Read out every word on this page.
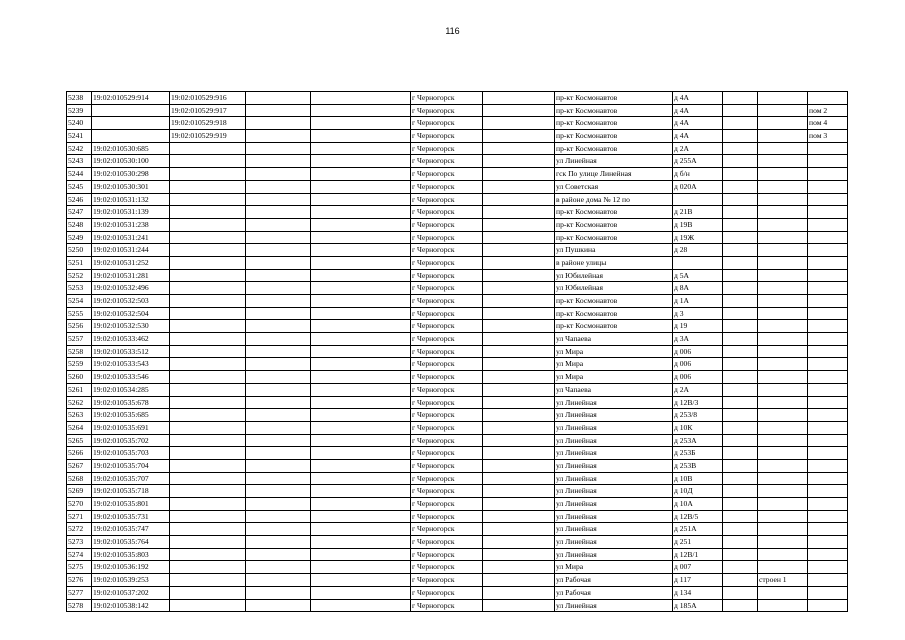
116
5238	19:02:010529:914	19:02:010529:916			г Черногорск		пр-кт Космонавтов	д 4А			
5239		19:02:010529:917			г Черногорск		пр-кт Космонавтов	д 4А			пом 2
5240		19:02:010529:918			г Черногорск		пр-кт Космонавтов	д 4А			пом 4
5241		19:02:010529:919			г Черногорск		пр-кт Космонавтов	д 4А			пом 3
5242	19:02:010530:685				г Черногорск		пр-кт Космонавтов	д 2А			
5243	19:02:010530:100				г Черногорск		ул Линейная	д 255А			
5244	19:02:010530:298				г Черногорск		гск По улице Линейная	д б/н			
5245	19:02:010530:301				г Черногорск		ул Советская	д 020А			
5246	19:02:010531:132				г Черногорск		в районе дома № 12 по				
5247	19:02:010531:139				г Черногорск		пр-кт Космонавтов	д 21В			
5248	19:02:010531:238				г Черногорск		пр-кт Космонавтов	д 19В			
5249	19:02:010531:241				г Черногорск		пр-кт Космонавтов	д 19Ж			
5250	19:02:010531:244				г Черногорск		ул Пушкина	д 28			
5251	19:02:010531:252				г Черногорск		в районе улицы				
5252	19:02:010531:281				г Черногорск		ул Юбилейная	д 5А			
5253	19:02:010532:496				г Черногорск		ул Юбилейная	д 8А			
5254	19:02:010532:503				г Черногорск		пр-кт Космонавтов	д 1А			
5255	19:02:010532:504				г Черногорск		пр-кт Космонавтов	д 3			
5256	19:02:010532:530				г Черногорск		пр-кт Космонавтов	д 19			
5257	19:02:010533:462				г Черногорск		ул Чапаева	д 3А			
5258	19:02:010533:512				г Черногорск		ул Мира	д 006			
5259	19:02:010533:543				г Черногорск		ул Мира	д 006			
5260	19:02:010533:546				г Черногорск		ул Мира	д 006			
5261	19:02:010534:285				г Черногорск		ул Чапаева	д 2А			
5262	19:02:010535:678				г Черногорск		ул Линейная	д 12В/3			
5263	19:02:010535:685				г Черногорск		ул Линейная	д 253/8			
5264	19:02:010535:691				г Черногорск		ул Линейная	д 10К			
5265	19:02:010535:702				г Черногорск		ул Линейная	д 253А			
5266	19:02:010535:703				г Черногорск		ул Линейная	д 253Б			
5267	19:02:010535:704				г Черногорск		ул Линейная	д 253В			
5268	19:02:010535:707				г Черногорск		ул Линейная	д 10В			
5269	19:02:010535:718				г Черногорск		ул Линейная	д 10Д			
5270	19:02:010535:801				г Черногорск		ул Линейная	д 10А			
5271	19:02:010535:731				г Черногорск		ул Линейная	д 12В/5			
5272	19:02:010535:747				г Черногорск		ул Линейная	д 251А			
5273	19:02:010535:764				г Черногорск		ул Линейная	д 251			
5274	19:02:010535:803				г Черногорск		ул Линейная	д 12В/1			
5275	19:02:010536:192				г Черногорск		ул Мира	д 007			
5276	19:02:010539:253				г Черногорск		ул Рабочая	д 117		строен 1	
5277	19:02:010537:202				г Черногорск		ул Рабочая	д 134			
5278	19:02:010538:142				г Черногорск		ул Линейная	д 185А			
